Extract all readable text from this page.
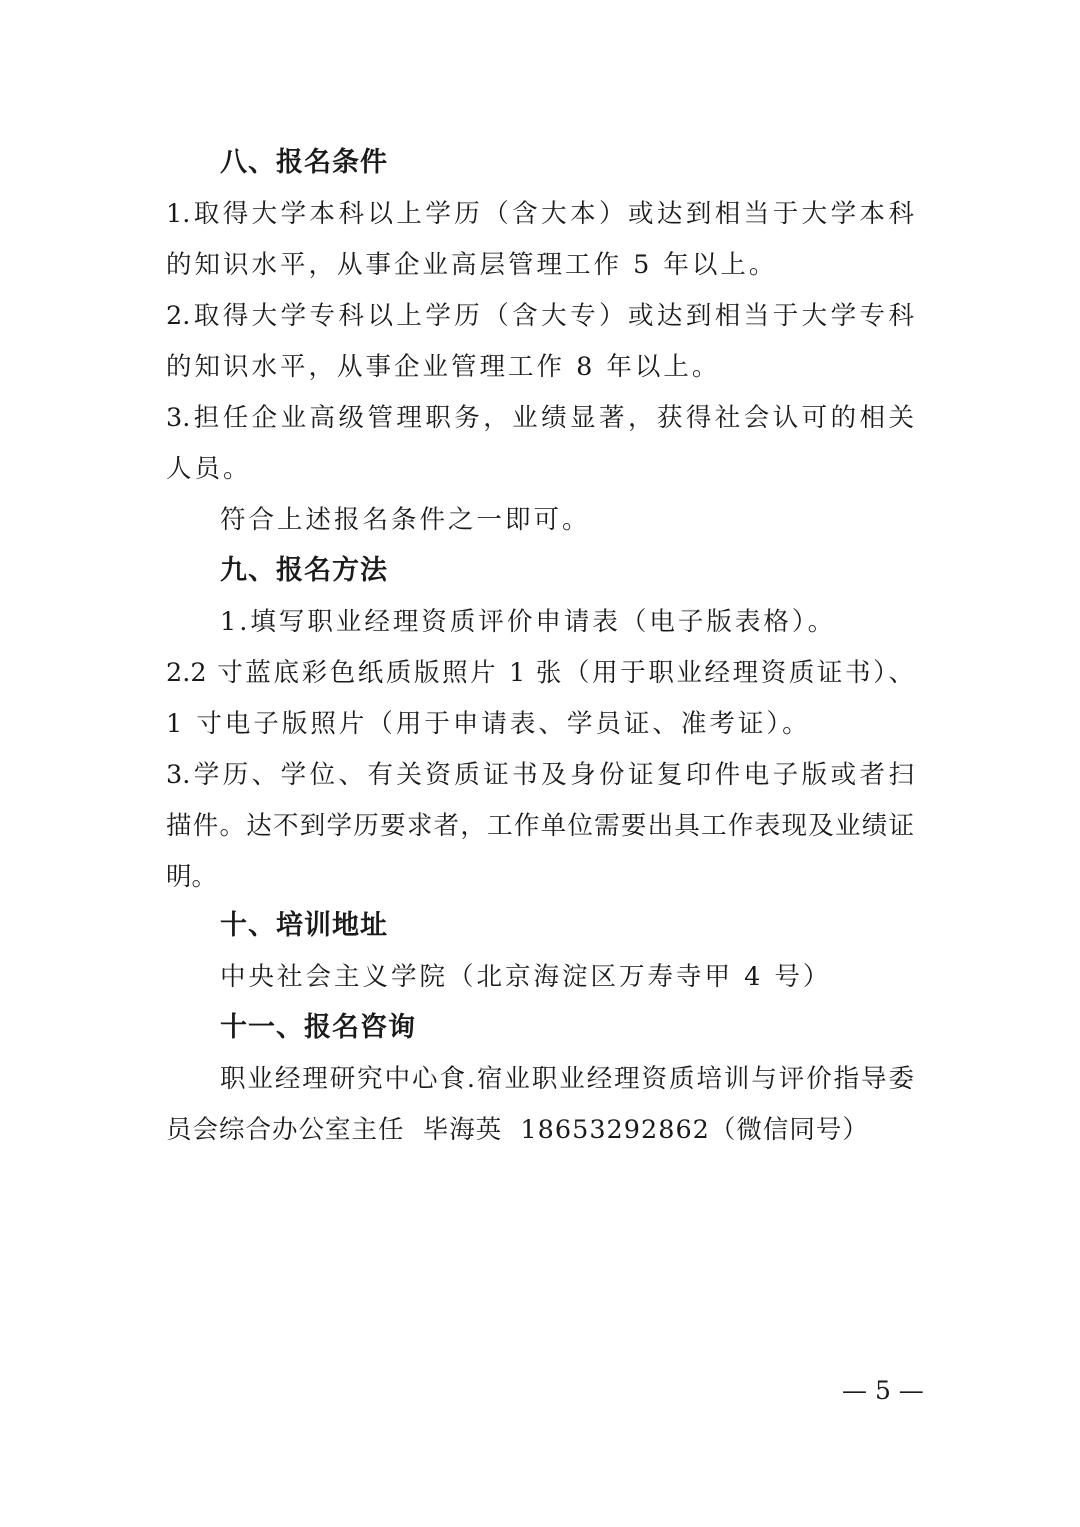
八、报名条件
1.取得大学本科以上学历（含大本）或达到相当于大学本科
的知识水平，从事企业高层管理工作 5 年以上。
2.取得大学专科以上学历（含大专）或达到相当于大学专科
的知识水平，从事企业管理工作 8 年以上。
3.担任企业高级管理职务，业绩显著，获得社会认可的相关
人员。
符合上述报名条件之一即可。
九、报名方法
1.填写职业经理资质评价申请表（电子版表格）。
2.2 寸蓝底彩色纸质版照片 1 张（用于职业经理资质证书）、
1 寸电子版照片（用于申请表、学员证、准考证）。
3.学历、学位、有关资质证书及身份证复印件电子版或者扫
描件。达不到学历要求者，工作单位需要出具工作表现及业绩证
明。
十、培训地址
中央社会主义学院（北京海淀区万寿寺甲 4 号）
十一、报名咨询
职业经理研究中心食.宿业职业经理资质培训与评价指导委
员会综合办公室主任  毕海英  18653292862（微信同号）
— 5 —
